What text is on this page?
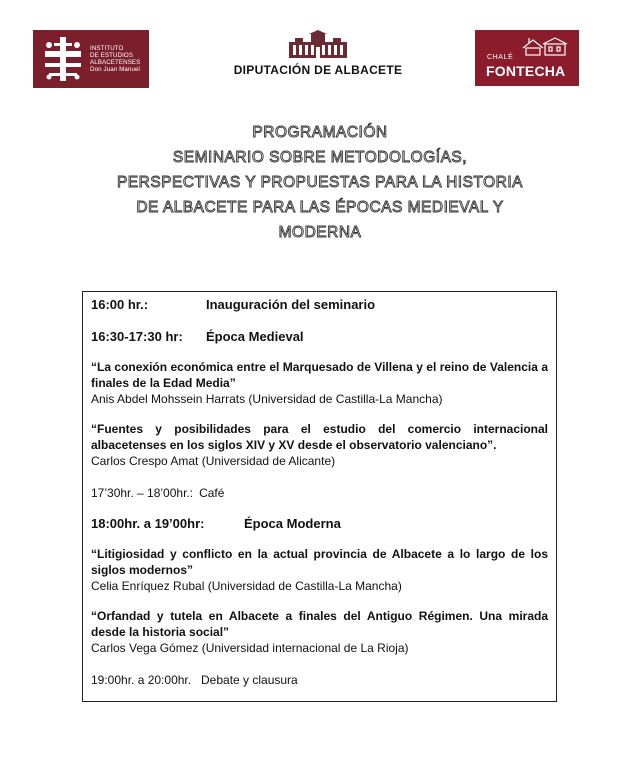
INSTITUTO
DE ESTUDIOS
ALBACETENSES
Don Juan Manuel	DIPUTACIÓN DE ALBACETE
CHALÉ
FONTECHA
PROGRAMACIÓN
SEMINARIO SOBRE METODOLOGÍAS,
PERSPECTIVAS Y PROPUESTAS PARA LA HISTORIA
DE ALBACETE PARA LAS ÉPOCAS MEDIEVAL Y
MODERNA
16:00 hr.:	Inauguración del seminario
16:30-17:30 hr:	Época Medieval
“La conexión económica entre el Marquesado de Villena y el reino de Valencia a finales de la Edad Media”
Anis Abdel Mohssein Harrats (Universidad de Castilla-La Mancha)
“Fuentes y posibilidades para el estudio del comercio internacional albacetenses en los siglos XIV y XV desde el observatorio valenciano”.
Carlos Crespo Amat (Universidad de Alicante)
17’30hr. – 18’00hr.: Café
18:00hr. a 19’00hr:	Época Moderna
“Litigiosidad y conflicto en la actual provincia de Albacete a lo largo de los siglos modernos”
Celia Enríquez Rubal (Universidad de Castilla-La Mancha)
“Orfandad y tutela en Albacete a finales del Antiguo Régimen. Una mirada desde la historia social”
Carlos Vega Gómez (Universidad internacional de La Rioja)
19:00hr. a 20:00hr. Debate y clausura
